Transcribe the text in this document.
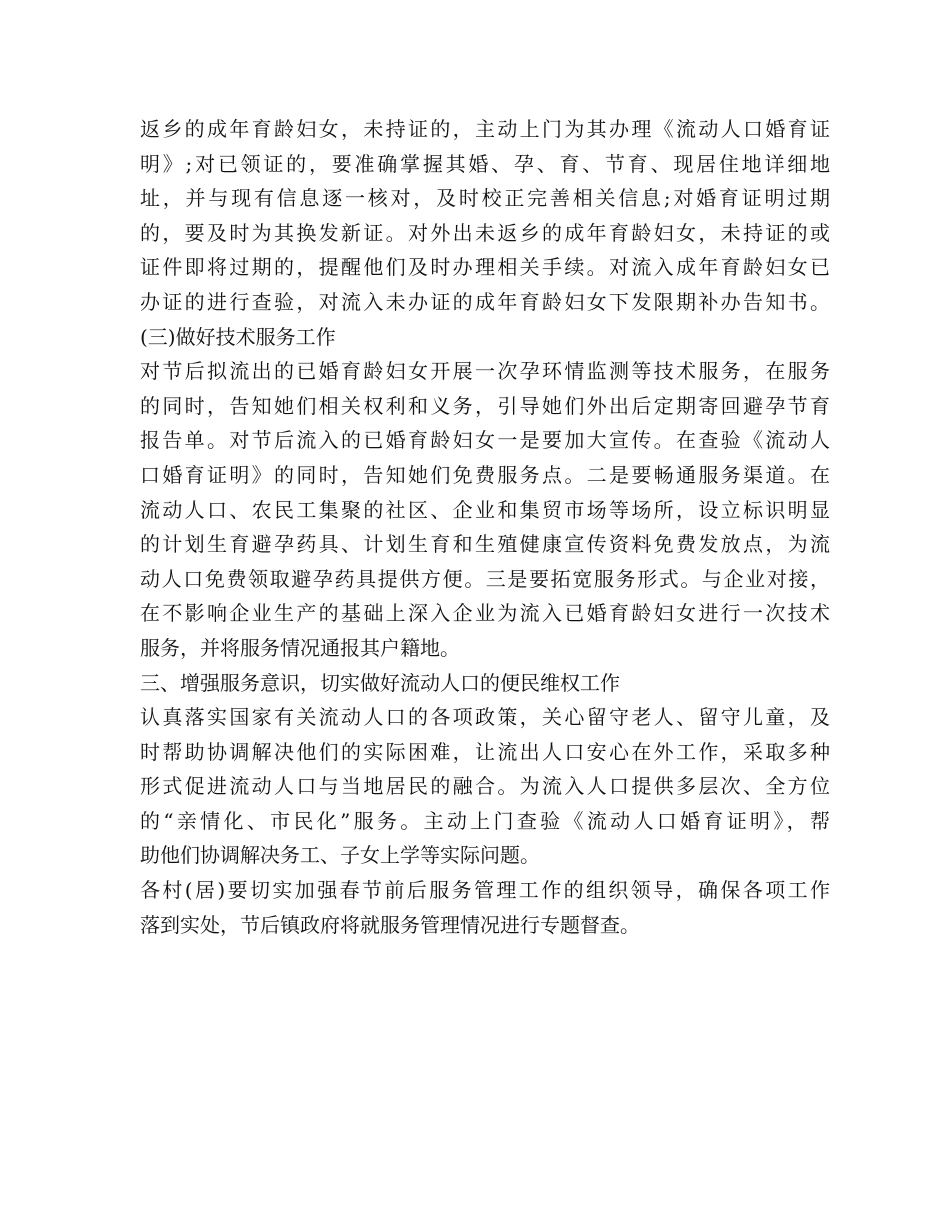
返乡的成年育龄妇女，未持证的，主动上门为其办理《流动人口婚育证
明》;对已领证的，要准确掌握其婚、孕、育、节育、现居住地详细地
址，并与现有信息逐一核对，及时校正完善相关信息;对婚育证明过期
的，要及时为其换发新证。对外出未返乡的成年育龄妇女，未持证的或
证件即将过期的，提醒他们及时办理相关手续。对流入成年育龄妇女已
办证的进行查验，对流入未办证的成年育龄妇女下发限期补办告知书。
(三)做好技术服务工作
对节后拟流出的已婚育龄妇女开展一次孕环情监测等技术服务，在服务
的同时，告知她们相关权利和义务，引导她们外出后定期寄回避孕节育
报告单。对节后流入的已婚育龄妇女一是要加大宣传。在查验《流动人
口婚育证明》的同时，告知她们免费服务点。二是要畅通服务渠道。在
流动人口、农民工集聚的社区、企业和集贸市场等场所，设立标识明显
的计划生育避孕药具、计划生育和生殖健康宣传资料免费发放点，为流
动人口免费领取避孕药具提供方便。三是要拓宽服务形式。与企业对接，
在不影响企业生产的基础上深入企业为流入已婚育龄妇女进行一次技术
服务，并将服务情况通报其户籍地。
三、增强服务意识，切实做好流动人口的便民维权工作
认真落实国家有关流动人口的各项政策，关心留守老人、留守儿童，及
时帮助协调解决他们的实际困难，让流出人口安心在外工作，采取多种
形式促进流动人口与当地居民的融合。为流入人口提供多层次、全方位
的“亲情化、市民化”服务。主动上门查验《流动人口婚育证明》，帮
助他们协调解决务工、子女上学等实际问题。
各村(居)要切实加强春节前后服务管理工作的组织领导，确保各项工作
落到实处，节后镇政府将就服务管理情况进行专题督查。
